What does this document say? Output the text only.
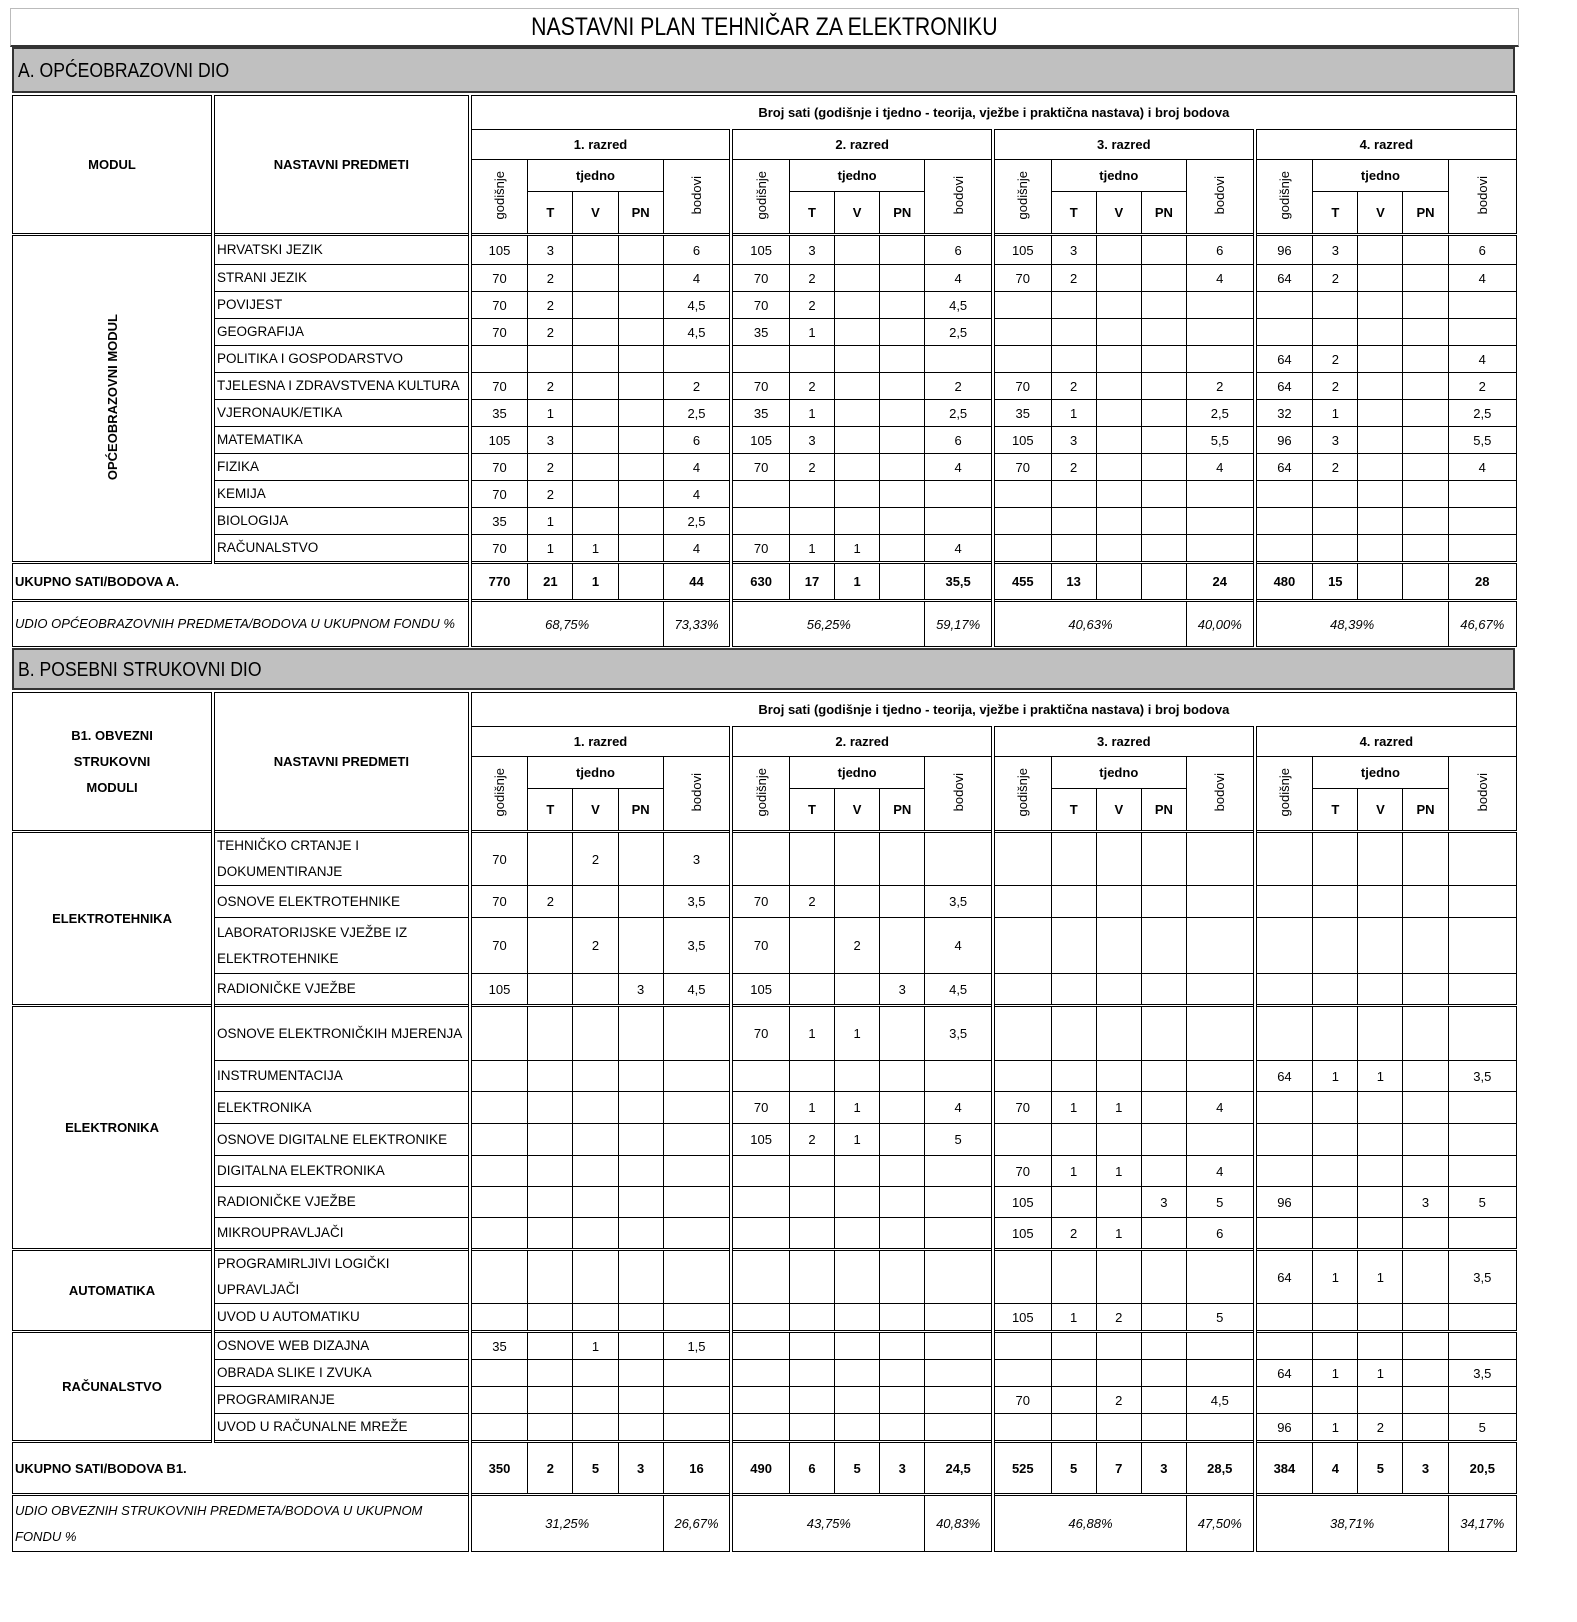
NASTAVNI PLAN TEHNIČAR ZA ELEKTRONIKU
A. OPĆEOBRAZOVNI DIO
MODUL	NASTAVNI PREDMETI	Broj sati (godišnje i tjedno - teorija, vježbe i praktična nastava) i broj bodova																			
		1. razred					2. razred					3. razred					4. razred				
		godišnje	tjedno			bodovi	godišnje	tjedno			bodovi	godišnje	tjedno			bodovi	godišnje	tjedno			bodovi
			T	V	PN			T	V	PN			T	V	PN			T	V	PN	
OPĆEOBRAZOVNI MODUL	HRVATSKI JEZIK	105	3			6	105	3			6	105	3			6	96	3			6
	STRANI JEZIK	70	2			4	70	2			4	70	2			4	64	2			4
	POVIJEST	70	2			4,5	70	2			4,5										
	GEOGRAFIJA	70	2			4,5	35	1			2,5										
	POLITIKA I GOSPODARSTVO																64	2			4
	TJELESNA I ZDRAVSTVENA KULTURA	70	2			2	70	2			2	70	2			2	64	2			2
	VJERONAUK/ETIKA	35	1			2,5	35	1			2,5	35	1			2,5	32	1			2,5
	MATEMATIKA	105	3			6	105	3			6	105	3			5,5	96	3			5,5
	FIZIKA	70	2			4	70	2			4	70	2			4	64	2			4
	KEMIJA	70	2			4															
	BIOLOGIJA	35	1			2,5															
	RAČUNALSTVO	70	1	1		4	70	1	1		4										
UKUPNO SATI/BODOVA A.		770	21	1		44	630	17	1		35,5	455	13			24	480	15			28
UDIO OPĆEOBRAZOVNIH PREDMETA/BODOVA U UKUPNOM FONDU %		68,75%				73,33%	56,25%				59,17%	40,63%				40,00%	48,39%				46,67%
B. POSEBNI STRUKOVNI DIO
B1. OBVEZNI STRUKOVNI MODULI	NASTAVNI PREDMETI	Broj sati (godišnje i tjedno - teorija, vježbe i praktična nastava) i broj bodova																			
		1. razred					2. razred					3. razred					4. razred				
		godišnje	tjedno			bodovi	godišnje	tjedno			bodovi	godišnje	tjedno			bodovi	godišnje	tjedno			bodovi
			T	V	PN			T	V	PN			T	V	PN			T	V	PN	
ELEKTROTEHNIKA	TEHNIČKO CRTANJE I DOKUMENTIRANJE	70		2		3															
	OSNOVE ELEKTROTEHNIKE	70	2			3,5	70	2			3,5										
	LABORATORIJSKE VJEŽBE IZ ELEKTROTEHNIKE	70		2		3,5	70		2		4										
	RADIONIČKE VJEŽBE	105			3	4,5	105			3	4,5										
ELEKTRONIKA	OSNOVE ELEKTRONIČKIH MJERENJA						70	1	1		3,5										
	INSTRUMENTACIJA																64	1	1		3,5
	ELEKTRONIKA						70	1	1		4	70	1	1		4					
	OSNOVE DIGITALNE ELEKTRONIKE						105	2	1		5										
	DIGITALNA ELEKTRONIKA											70	1	1		4					
	RADIONIČKE VJEŽBE											105			3	5	96			3	5
	MIKROUPRAVLJAČI											105	2	1		6					
AUTOMATIKA	PROGRAMIRLJIVI LOGIČKI UPRAVLJAČI																64	1	1		3,5
	UVOD U AUTOMATIKU											105	1	2		5					
RAČUNALSTVO	OSNOVE WEB DIZAJNA	35		1		1,5															
	OBRADA SLIKE I ZVUKA																64	1	1		3,5
	PROGRAMIRANJE											70		2		4,5					
	UVOD U RAČUNALNE MREŽE																96	1	2		5
UKUPNO SATI/BODOVA B1.		350	2	5	3	16	490	6	5	3	24,5	525	5	7	3	28,5	384	4	5	3	20,5
UDIO OBVEZNIH STRUKOVNIH PREDMETA/BODOVA U UKUPNOM FONDU %		31,25%				26,67%	43,75%				40,83%	46,88%				47,50%	38,71%				34,17%
